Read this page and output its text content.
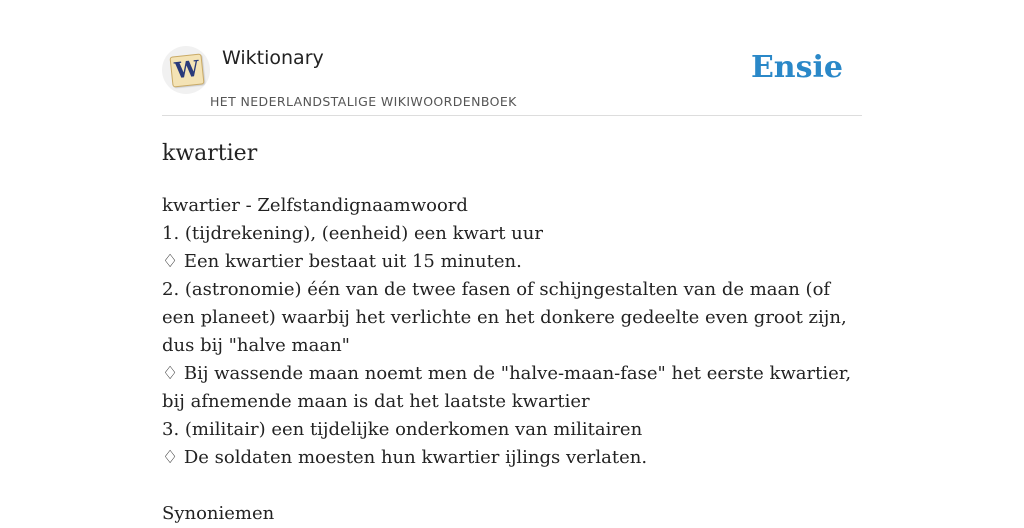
W Wiktionary
HET NEDERLANDSTALIGE WIKIWOORDENBOEK
Ensie
kwartier

kwartier - Zelfstandignaamwoord

1. (tijdrekening), (eenheid) een kwart uur

♢ Een kwartier bestaat uit 15 minuten.

2. (astronomie) één van de twee fasen of schijngestalten van de maan (of een planeet) waarbij het verlichte en het donkere gedeelte even groot zijn, dus bij "halve maan"

♢ Bij wassende maan noemt men de "halve-maan-fase" het eerste kwartier, bij afnemende maan is dat het laatste kwartier

3. (militair) een tijdelijke onderkomen van militairen

♢ De soldaten moesten hun kwartier ijlings verlaten.

Synoniemen
